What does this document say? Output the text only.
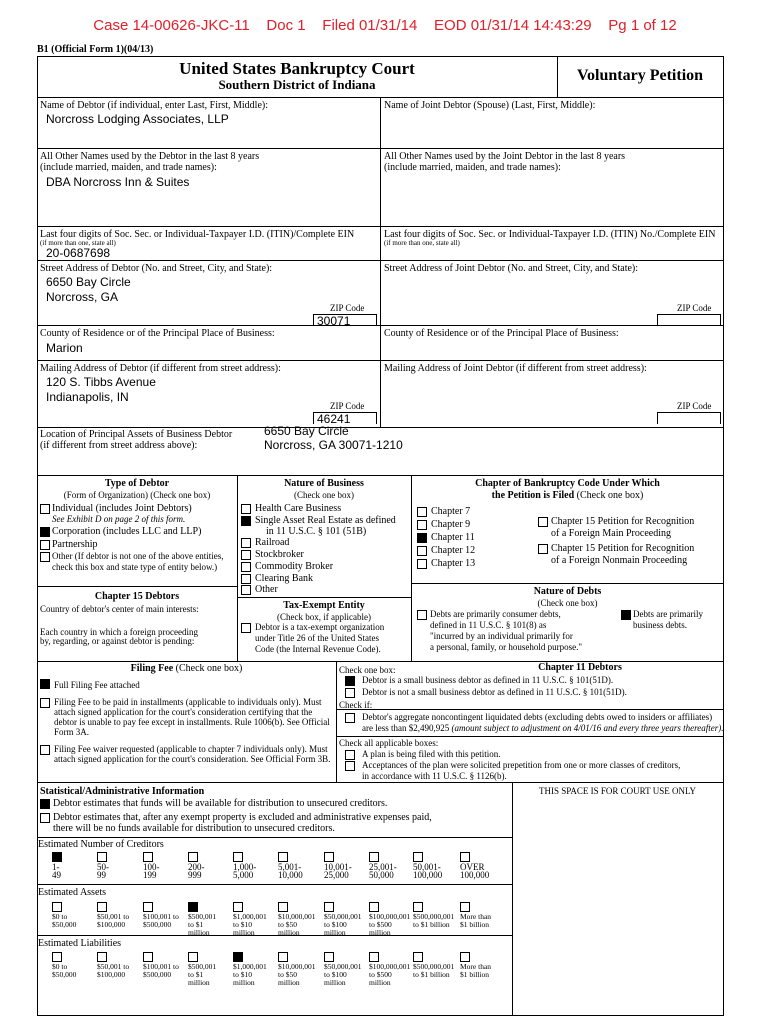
Case 14-00626-JKC-11    Doc 1    Filed 01/31/14    EOD 01/31/14 14:43:29    Pg 1 of 12
B1 (Official Form 1)(04/13)
United States Bankruptcy Court
Southern District of Indiana
Voluntary Petition
Name of Debtor (if individual, enter Last, First, Middle):
Norcross Lodging Associates, LLP
Name of Joint Debtor (Spouse) (Last, First, Middle):
All Other Names used by the Debtor in the last 8 years
(include married, maiden, and trade names):
DBA Norcross Inn & Suites
All Other Names used by the Joint Debtor in the last 8 years
(include married, maiden, and trade names):
Last four digits of Soc. Sec. or Individual-Taxpayer I.D. (ITIN)/Complete EIN
(if more than one, state all)
20-0687698
Last four digits of Soc. Sec. or Individual-Taxpayer I.D. (ITIN) No./Complete EIN
(if more than one, state all)
Street Address of Debtor (No. and Street, City, and State):
6650 Bay Circle
Norcross, GA
ZIP Code
30071
Street Address of Joint Debtor (No. and Street, City, and State):
ZIP Code
County of Residence or of the Principal Place of Business:
Marion
County of Residence or of the Principal Place of Business:
Mailing Address of Debtor (if different from street address):
120 S. Tibbs Avenue
Indianapolis, IN
ZIP Code
46241
Mailing Address of Joint Debtor (if different from street address):
ZIP Code
Location of Principal Assets of Business Debtor
(if different from street address above):
6650 Bay Circle
Norcross, GA 30071-1210
Type of Debtor
(Form of Organization) (Check one box)
Individual (includes Joint Debtors)
See Exhibit D on page 2 of this form.
Corporation (includes LLC and LLP)
Partnership
Other (If debtor is not one of the above entities,
check this box and state type of entity below.)
Chapter 15 Debtors
Country of debtor's center of main interests:
Each country in which a foreign proceeding
by, regarding, or against debtor is pending:
Nature of Business
(Check one box)
Health Care Business
Single Asset Real Estate as defined
in 11 U.S.C. § 101 (51B)
Railroad
Stockbroker
Commodity Broker
Clearing Bank
Other
Tax-Exempt Entity
(Check box, if applicable)
Debtor is a tax-exempt organization
under Title 26 of the United States
Code (the Internal Revenue Code).
Chapter of Bankruptcy Code Under Which
the Petition is Filed (Check one box)
Chapter 7
Chapter 9
Chapter 11
Chapter 12
Chapter 13
Chapter 15 Petition for Recognition
of a Foreign Main Proceeding
Chapter 15 Petition for Recognition
of a Foreign Nonmain Proceeding
Nature of Debts
(Check one box)
Debts are primarily consumer debts,
defined in 11 U.S.C. § 101(8) as
"incurred by an individual primarily for
a personal, family, or household purpose."
Debts are primarily
business debts.
Filing Fee (Check one box)
Full Filing Fee attached
Filing Fee to be paid in installments (applicable to individuals only). Must
attach signed application for the court's consideration certifying that the
debtor is unable to pay fee except in installments. Rule 1006(b). See Official
Form 3A.
Filing Fee waiver requested (applicable to chapter 7 individuals only). Must
attach signed application for the court's consideration. See Official Form 3B.
Check one box:	Chapter 11 Debtors
Debtor is a small business debtor as defined in 11 U.S.C. § 101(51D).
Debtor is not a small business debtor as defined in 11 U.S.C. § 101(51D).
Check if:
Debtor's aggregate noncontingent liquidated debts (excluding debts owed to insiders or affiliates)
are less than $2,490,925 (amount subject to adjustment on 4/01/16 and every three years thereafter).
Check all applicable boxes:
A plan is being filed with this petition.
Acceptances of the plan were solicited prepetition from one or more classes of creditors,
in accordance with 11 U.S.C. § 1126(b).
Statistical/Administrative Information	THIS SPACE IS FOR COURT USE ONLY
Debtor estimates that funds will be available for distribution to unsecured creditors.
Debtor estimates that, after any exempt property is excluded and administrative expenses paid,
there will be no funds available for distribution to unsecured creditors.
Estimated Number of Creditors
1-
49
50-
99
100-
199
200-
999
1,000-
5,000
5,001-
10,000
10,001-
25,000
25,001-
50,000
50,001-
100,000
OVER
100,000
Estimated Assets
$0 to
$50,000
$50,001 to
$100,000
$100,001 to
$500,000
$500,001
to $1
million
$1,000,001
to $10
million
$10,000,001
to $50
million
$50,000,001
to $100
million
$100,000,001
to $500
million
$500,000,001
to $1 billion
More than
$1 billion
Estimated Liabilities
$0 to
$50,000
$50,001 to
$100,000
$100,001 to
$500,000
$500,001
to $1
million
$1,000,001
to $10
million
$10,000,001
to $50
million
$50,000,001
to $100
million
$100,000,001
to $500
million
$500,000,001
to $1 billion
More than
$1 billion
